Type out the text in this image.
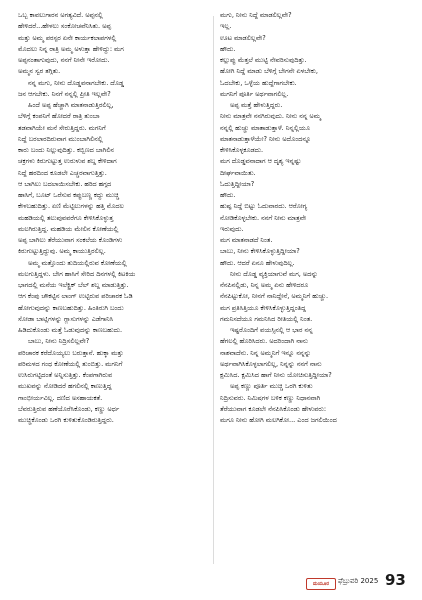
ಒಬ್ಬ ಕಾವಲುಗಾರನ ಅಗತ್ಯವಿದೆ. ಅಪ್ಪನಲ್ಲಿ
ಹೇಳಿದರೆ...ಹೇಳಲು ಸಂಕೋಚವೆನಿಸಿತು. ಅಪ್ಪ
ಮತ್ತು ಅಮ್ಮ ಪರಸ್ಪರ ಏನೇ ಕಾರ್ಯಕಲಾಪಗಳಲ್ಲಿ
ಮೊದಲು ನಿನ್ನ ರಾತ್ರಿ ಅಮ್ಮ ಅಳುತ್ತಾ ಹೇಳಿದ್ದು: ಮಗ
ಅಪ್ಪನಂತಾಗುವುದು, ನನಗೆ ನೀನೇ ಇರೋದು.
ಅಮ್ಮನ ಸ್ವರ ತಗ್ಗಿತು.
ನನ್ನ ಮಗು, ನೀನು ದೊಡ್ಡವನಾಗಬೇಕು. ದೊಡ್ಡ
ಜನ ಆಗಬೇಕು. ನಿನಗೆ ನನ್ನಲ್ಲಿ ಪ್ರೀತಿ ಇಲ್ಲವೇ?
ಹಿಂದೆ ಅಪ್ಪ ಹೆಚ್ಚಾಗಿ ಮಾತನಾಡುತ್ತಿರಲಿಲ್ಲ,
ಬೆಳಿಗ್ಗೆ ಕಂಪನಿಗೆ ಹೋದರೆ ರಾತ್ರಿ ತುಂಬಾ
ತಡವಾಗಿಯೇ ಮನೆ ಸೇರುತ್ತಿದ್ದರು. ಮಗನಿಗೆ
ನಿದ್ದೆ ಬರಲಾರದಿರುವಾಗ ಮುಂಬಾಗಿಲಿನಲ್ಲಿ
ಕಾರು ಬಂದು ನಿಲ್ಲುವುದಿತ್ತು. ಕಬ್ಬಿಣದ ಬಾಗಿಲಿನ
ಚಕ್ರಗಳು ಕಿರುಗುಟ್ಟುತ್ತ ಉರುಳುವ ಶಬ್ದ ಕೇಳಿದಾಗ
ನಿದ್ದೆ ಹಠದಿಂದ ಕೂಡಲೇ ಎಚ್ಚರವಾಗುತ್ತಿತ್ತು.
ಆ ಬಾಗಿಲು ಬದಲಾಯಿಸಬೇಕು. ಹರಿದ ಹಗ್ಗದ
ಹಾಸಿಗೆ, ಬೂಟ್ ಒರೆಸುವ ಕಪ್ಪುಬಣ್ಣ ಕದ್ದು ಮುಚ್ಚಿ
ಕೇಳಬಹುದಿತ್ತು. ಏಣಿ ಮೆಟ್ಟಿಲುಗಳನ್ನು ಹತ್ತಿ ಮೊದಲ
ಮಹಡಿಯಲ್ಲಿ ತಲುಪುವವರೆಗೂ ಕೇಳಿಸಿಕೊಳ್ಳುತ್ತ
ಮಲಗಿರುತ್ತಿದ್ದ. ಮಹಡಿಯ ಮೇಲಿನ ಕೋಣೆಯಲ್ಲಿ
ಅಪ್ಪ ಬಾಗಿಲು ತೆರೆಯುವಾಗ ಸಂಕಲೆಯ ಕೊಂಡಿಗಳು
ಕಿರುಗುಟ್ಟುತ್ತಿದ್ದುವು. ಅಮ್ಮ ಕಾಯುತ್ತಿರಲಿಲ್ಲ.
ಅಮ್ಮ ಮತ್ತೊಂದು ತುದಿಯಲ್ಲಿರುವ ಕೋಣೆಯಲ್ಲಿ
ಮಲಗುತ್ತಿದ್ದಳು. ಬೇಗ ಹಾಸಿಗೆ ಸೇರಿದ ದಿನಗಳಲ್ಲಿ ಕಿಟಕಿಯ
ಭಾಗದಲ್ಲಿ ಮನೆಯ ಇಲೆಕ್ಟ್ರಿಕ್ ಬೆಲ್ ಶಬ್ದ ಮಾಡುತ್ತಿತ್ತು.
ಆಗ ಕೆಂಪು ಚೌಕಟ್ಟಿನ ಲಾಂಗ್ ಉಟ್ಟಿರುವ ಪರಿಚಾರಕ ಓಡಿ
ಹೋಗುವುದನ್ನು ಕಾಣಬಹುದಿತ್ತು. ಹಿಂತಿರುಗಿ ಬಂದು
ಸೋಡಾ ಬಾಟ್ಲಿಗಳನ್ನು ಗ್ಲಾಸುಗಳನ್ನು ಎಡೆಗಾನಿಸಿ
ಹಿಡಿದುಕೊಂಡು ಮತ್ತೆ ಓಡುವುದನ್ನು ಕಾಣಬಹುದು.
ಬಾಬು, ನೀನು ನಿದ್ರಿಸಲಿಲ್ಲವೇ?
ಪರಿಚಾರಕ ಕರೆದೊಯ್ಯಲು ಬರುತ್ತಾನೆ. ಹುಕ್ಕಾ ಮತ್ತು
ಪರಿಮಳದ ಗಂಧ ಕೋಣೆಯಲ್ಲಿ ತುಂಬಿತ್ತು. ಮಗನಿಗೆ
ಉಸಿರುಗಟ್ಟಿದಂತೆ ಅನ್ನಿಸುತ್ತಿತ್ತು. ಕೆಂಪಗಾಗಿರುವ
ಮುಖವನ್ನು ನೋಡಿದರೆ ಹಗಲಿನಲ್ಲಿ ಕಾಣುತ್ತಿದ್ದ
ಗಾಂಭೀರ್ಯವಿಲ್ಲ. ದಣಿದ ಅಸಹಾಯಕತೆ.
ಬೆವರುತ್ತಿರುವ ಹಣೆಯೊರೆಸಿಕೊಂಡು, ಕಣ್ಣು ಅರ್ಧ
ಮುಚ್ಚಿಕೊಂಡು ಒರಗಿ ಕುಳಿತುಕೊಂಡಿರುತ್ತಿದ್ದರು.
ಮಗು, ನೀನು ನಿದ್ದೆ ಮಾಡಲಿಲ್ಲವೇ?
ಇಲ್ಲ.
ಊಟ ಮಾಡಲಿಲ್ಲವೇ?
ಹೌದು.
ಕಲ್ಲುಪ್ಪು ಮೆತ್ತಲೆ ಮುಟ್ಟಿ ನೇವರಿಸುವುದಿತ್ತು.
ಹೋಗಿ ನಿದ್ದೆ ಮಾಡು ಬೆಳಿಗ್ಗೆ ಬೇಗನೇ ಏಳಬೇಕು,
ಓದಬೇಕು, ಒಳ್ಳೆಯ ಹುದ್ದೆಗಾಗಬೇಕು.
ಮಗನಿಗೆ ಪೂರ್ತಿ ಅರ್ಥವಾಗಲಿಲ್ಲ.
ಅಪ್ಪ ಮತ್ತೆ ಹೇಳುತ್ತಿದ್ದರು.
ನೀನು ಮಾತ್ರವೇ ನನಗಿರುವುದು. ನೀನು ನನ್ನ ಅಮ್ಮ
ನನ್ನಲ್ಲಿ ಹುಚ್ಚು ಮಾತಾಡುತ್ತಾಳೆ. ನಿನ್ನಲ್ಲಿಯೂ
ಮಾತನಾಡುತ್ತಾಳೆಯೇ? ನೀನು ಅದೊಂದನ್ನೂ
ಕೇಳಿಸಿಕೊಳ್ಳಕೂಡದು.
ಮಗ ದೊಡ್ಡವನಾದಾಗ ಆ ದೃಶ್ಯ ಇನ್ನಷ್ಟು
ದೀರ್ಘವಾಯಿತು.
ಓದುತ್ತಿದ್ದೀಯಾ?
ಹೌದು.
ಹುಷ್ಪ ನಿದ್ದೆ ಬಿಟ್ಟು ಓದುವಾರದು. ಆರೋಗ್ಯ
ನೋಡಿಕೊಳ್ಳಬೇಕು. ನನಗೆ ನೀನು ಮಾತ್ರವೇ
ಇರುವುದು.
ಮಗ ಮಾತನಾಡದೆ ನಿಂತ.
ಬಾಬು, ನೀನು ಕೇಳಿಸಿಕೊಳ್ಳುತ್ತಿದ್ದೀಯಾ?
ಹೌದು. ಆದರೆ ಏನೂ ಹೇಳುವುದಿಲ್ಲ.
ನೀನು ದೊಡ್ಡ ವ್ಯಕ್ತಿಯಾಗುವೆ ಮಗ, ಅದನ್ನು
ನೆನಪಿನಲ್ಲಿಡು, ನಿನ್ನ ಅಮ್ಮ ಏನು ಹೇಳಿದರೂ
ನೆನಪಿಟ್ಟುಕೋ, ನೀನಗೆ ನಾನಿದ್ದೇನೆ, ಅಮ್ಮನಿಗೆ ಹುಚ್ಚು.
ಮಗ ಪ್ರತಿಸಿತ್ತಿಯೂ ಕೇಳಿಸಿಕೊಳ್ಳುತ್ತಿದ್ದಂತಿದ್ದ
ಗಮನಿಸದೆಯೂ ಗಮನಿಸಿದ ರೀತಿಯಲ್ಲಿ ನಿಂತ.
ಇಷ್ಟರೊಂದಿಗೆ ವಯಸ್ಸಿನಲ್ಲಿ ಆ ಭಾರ ನನ್ನ
ಹೆಗಲಲ್ಲಿ ಹೊರಿಸಿದರು. ಅದರಿಂದಾಗಿ ನಾನು
ನಾಶವಾದೆನು. ನಿನ್ನ ಅಮ್ಮನಿಗೆ ಇನ್ನೂ ನನ್ನನ್ನು
ಅರ್ಥವಾಗಿಸಿಕೊಳ್ಳಲಾಗಲಿಲ್ಲ, ನಿನ್ನನ್ನು ನನಗೆ ನಾನು
ಕ್ಷಮಿಸಿದ. ಕ್ಷಮಿಸಿದ ಹಾಗೆ ನೀನು ಯೋಚಿಸುತ್ತಿದ್ದೀಯಾ?
ಅಪ್ಪ ಕಣ್ಣು ಪೂರ್ತಿ ಮುಚ್ಚಿ ಒರಗಿ ಕುಳಿತು
ನಿದ್ರಿಸುವರು. ನಿಮಿಷಗಳ ಬಳಿಕ ಕಣ್ಣು ನಿಧಾನವಾಗಿ
ತೆರೆಯುವಾಗ ಕೂಡಲೇ ನೆನಪಿಸಿಕೊಂಡು ಹೇಳುವರು:
ಮಗೂ ನೀನು ಹೋಗಿ ಮಲಗಿಕೋ... ಎಂದ ಜಗಲಿಯಿಂದ
ಮಯೂರ	ಫೆಬ್ರುವರಿ 2025 93
